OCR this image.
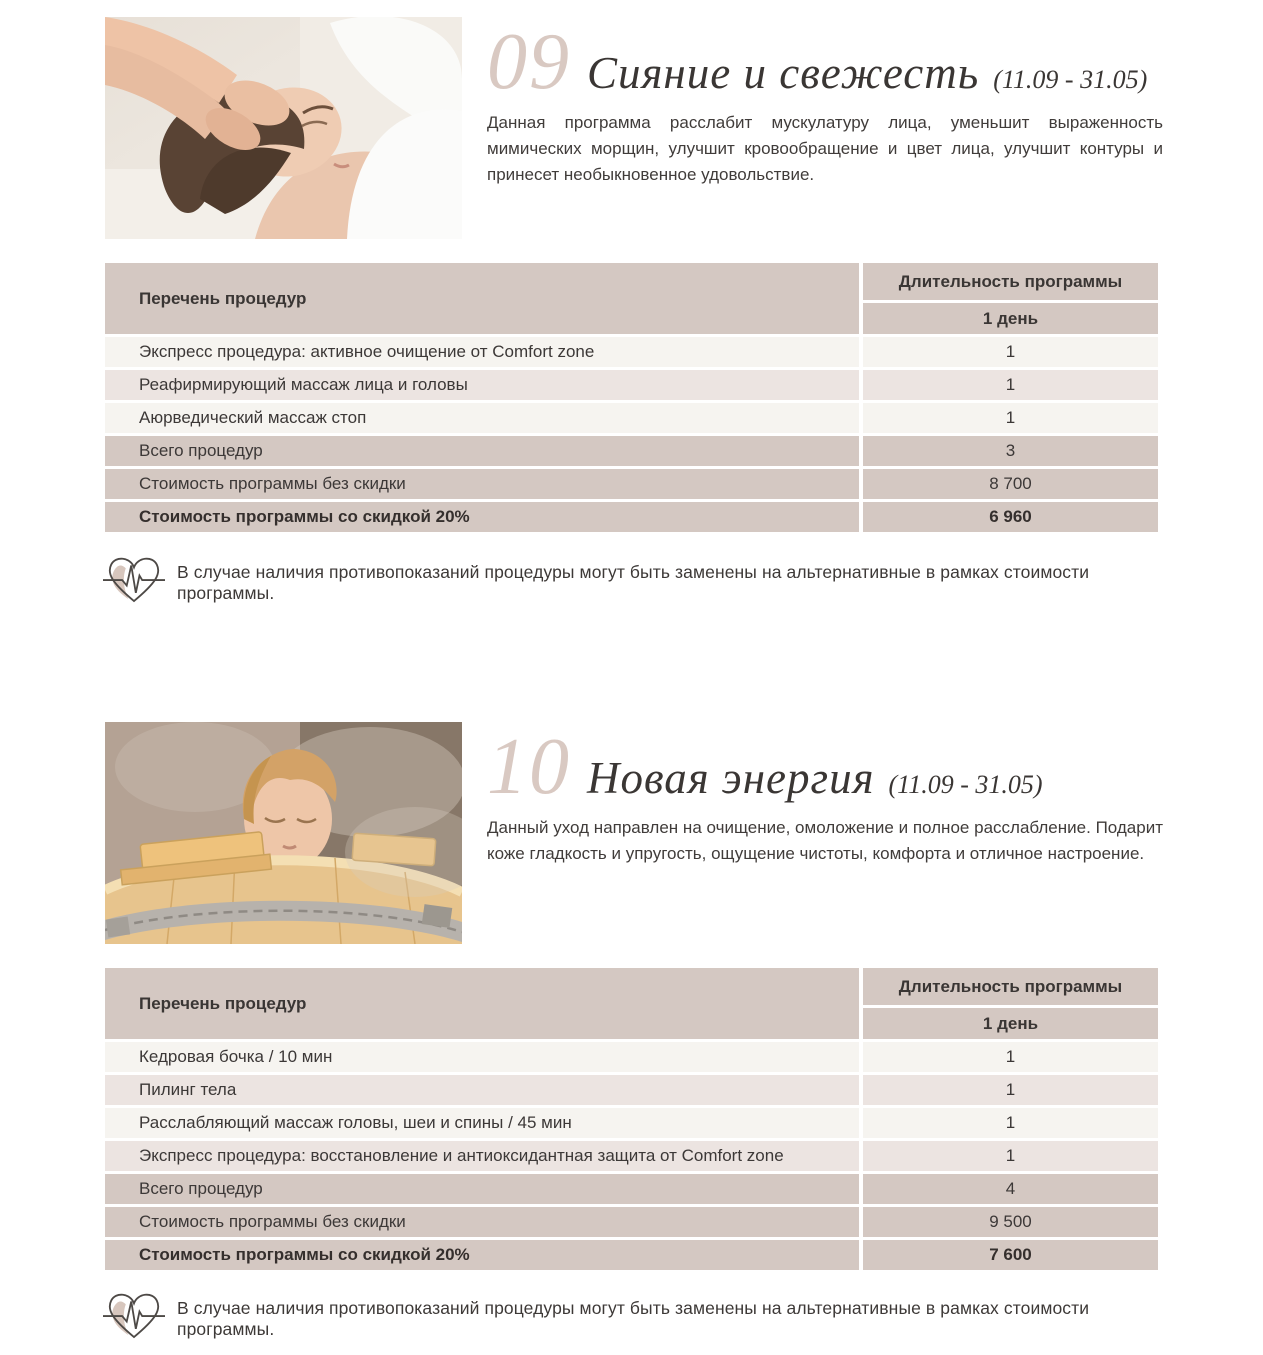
09 Сияние и свежесть (11.09 - 31.05)

Данная программа расслабит мускулатуру лица, уменьшит выраженность мимических морщин, улучшит кровообращение и цвет лица, улучшит контуры и принесет необыкновенное удовольствие.

Перечень процедур	Длительность программы
	1 день
Экспресс процедура: активное очищение от Comfort zone	1
Реафирмирующий массаж лица и головы	1
Аюрведический массаж стоп	1
Всего процедур	3
Стоимость программы без скидки	8 700
Стоимость программы со скидкой 20%	6 960
В случае наличия противопоказаний процедуры могут быть заменены на альтернативные в рамках стоимости программы.
10 Новая энергия (11.09 - 31.05)

Данный уход направлен на очищение, омоложение и полное расслабление. Подарит коже гладкость и упругость, ощущение чистоты, комфорта и отличное настроение.

Перечень процедур	Длительность программы
	1 день
Кедровая бочка / 10 мин	1
Пилинг тела	1
Расслабляющий массаж головы, шеи и спины / 45 мин	1
Экспресс процедура: восстановление и антиоксидантная защита от Comfort zone	1
Всего процедур	4
Стоимость программы без скидки	9 500
Стоимость программы со скидкой 20%	7 600
В случае наличия противопоказаний процедуры могут быть заменены на альтернативные в рамках стоимости программы.
